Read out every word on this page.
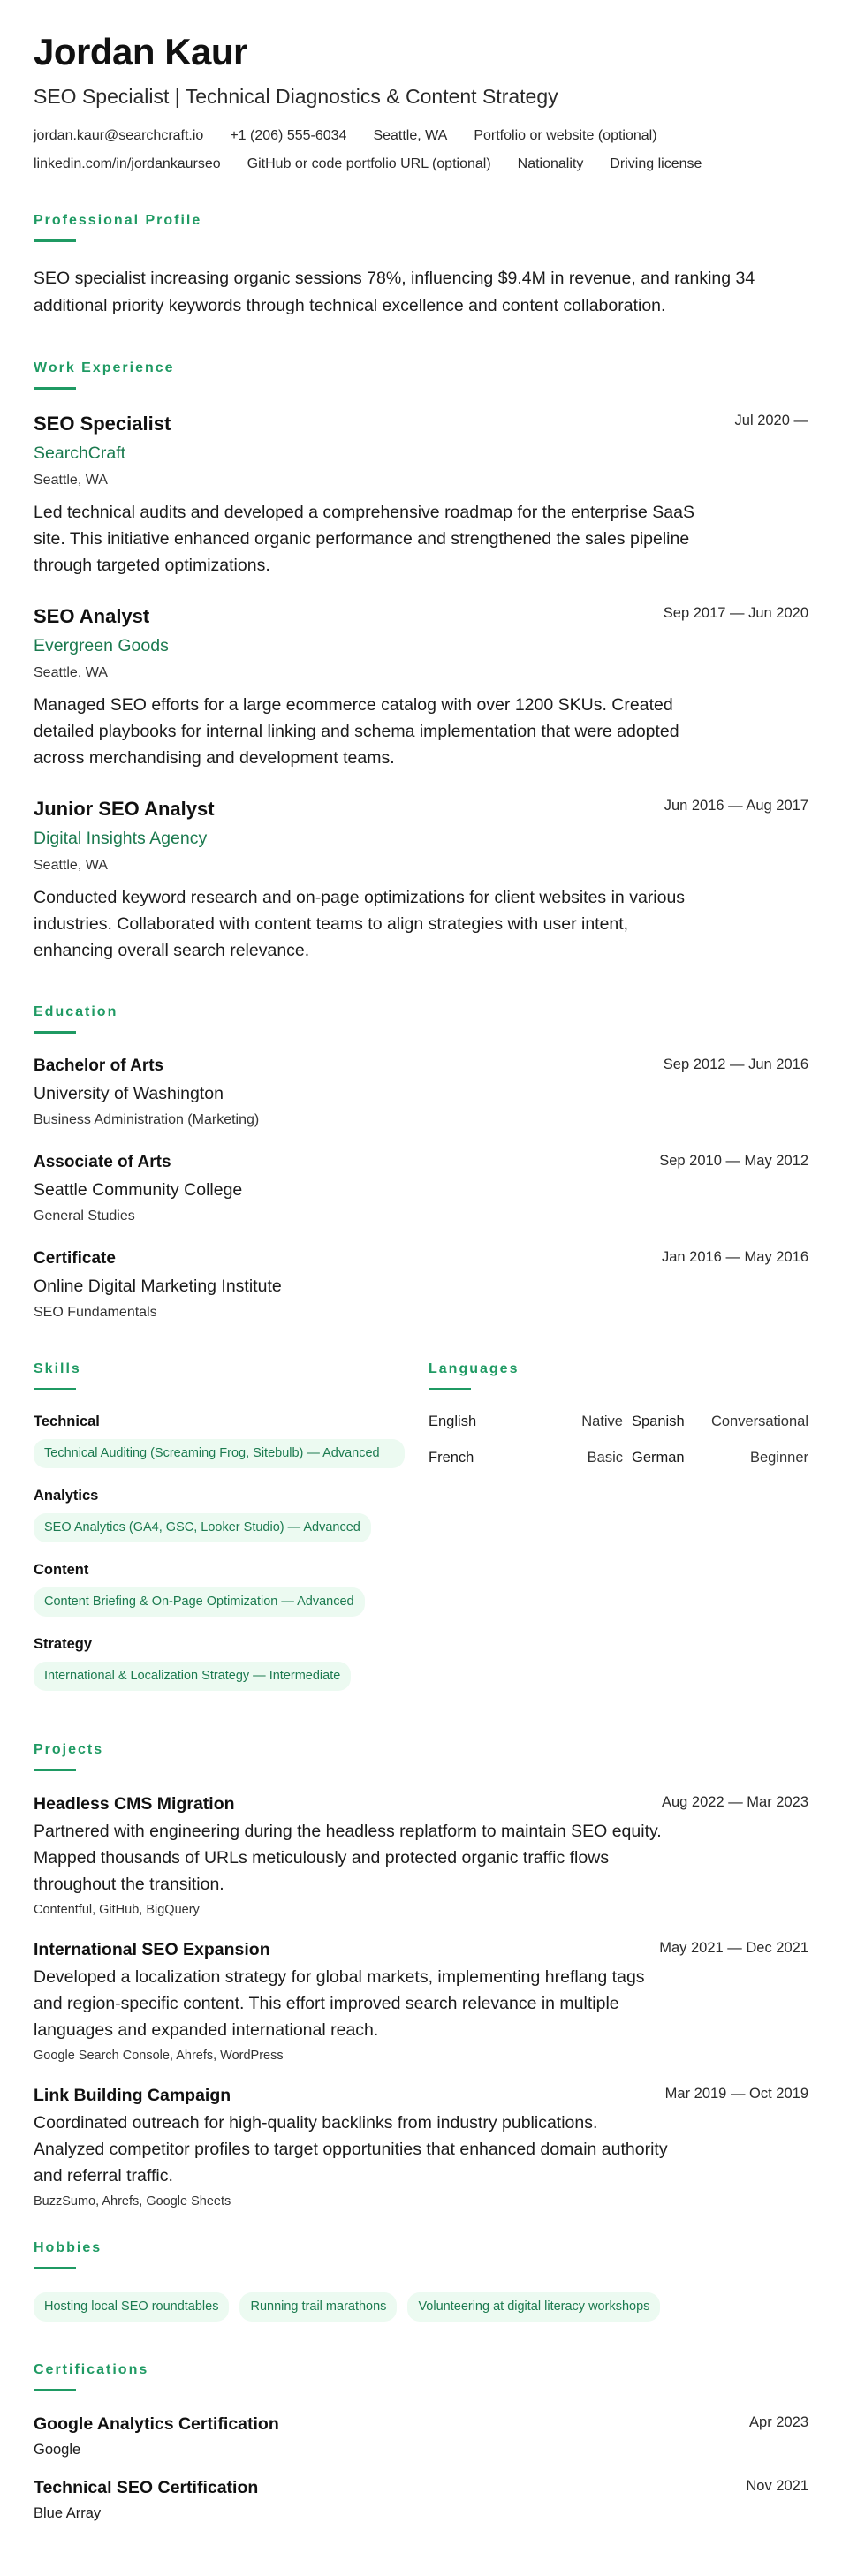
Jordan Kaur
SEO Specialist | Technical Diagnostics & Content Strategy
jordan.kaur@searchcraft.io +1 (206) 555-6034 Seattle, WA Portfolio or website (optional)
linkedin.com/in/jordankaurseo GitHub or code portfolio URL (optional) Nationality Driving license
Professional Profile

SEO specialist increasing organic sessions 78%, influencing $9.4M in revenue, and ranking 34 additional priority keywords through technical excellence and content collaboration.

Work Experience
Jul 2020 —
SEO Specialist
SearchCraft
Seattle, WA

Led technical audits and developed a comprehensive roadmap for the enterprise SaaS site. This initiative enhanced organic performance and strengthened the sales pipeline through targeted optimizations.

Sep 2017 — Jun 2020
SEO Analyst
Evergreen Goods
Seattle, WA

Managed SEO efforts for a large ecommerce catalog with over 1200 SKUs. Created detailed playbooks for internal linking and schema implementation that were adopted across merchandising and development teams.

Jun 2016 — Aug 2017
Junior SEO Analyst
Digital Insights Agency
Seattle, WA

Conducted keyword research and on-page optimizations for client websites in various industries. Collaborated with content teams to align strategies with user intent, enhancing overall search relevance.

Education
Sep 2012 — Jun 2016
Bachelor of Arts
University of Washington
Business Administration (Marketing)
Sep 2010 — May 2012
Associate of Arts
Seattle Community College
General Studies
Jan 2016 — May 2016
Certificate
Online Digital Marketing Institute
SEO Fundamentals
Skills
Technical
Technical Auditing (Screaming Frog, Sitebulb) — Advanced
Analytics
SEO Analytics (GA4, GSC, Looker Studio) — Advanced
Content
Content Briefing & On-Page Optimization — Advanced
Strategy
International & Localization Strategy — Intermediate
Languages
English	Native Spanish Conversational
French	Basic German	Beginner
Projects
Aug 2022 — Mar 2023
Headless CMS Migration

Partnered with engineering during the headless replatform to maintain SEO equity. Mapped thousands of URLs meticulously and protected organic traffic flows throughout the transition.

Contentful, GitHub, BigQuery
May 2021 — Dec 2021
International SEO Expansion

Developed a localization strategy for global markets, implementing hreflang tags and region-specific content. This effort improved search relevance in multiple languages and expanded international reach.

Google Search Console, Ahrefs, WordPress
Mar 2019 — Oct 2019
Link Building Campaign

Coordinated outreach for high-quality backlinks from industry publications. Analyzed competitor profiles to target opportunities that enhanced domain authority and referral traffic.

BuzzSumo, Ahrefs, Google Sheets
Hobbies
Hosting local SEO roundtables	Running trail marathons	Volunteering at digital literacy workshops
Certifications
Apr 2023
Google Analytics Certification
Google
Nov 2021
Technical SEO Certification
Blue Array
